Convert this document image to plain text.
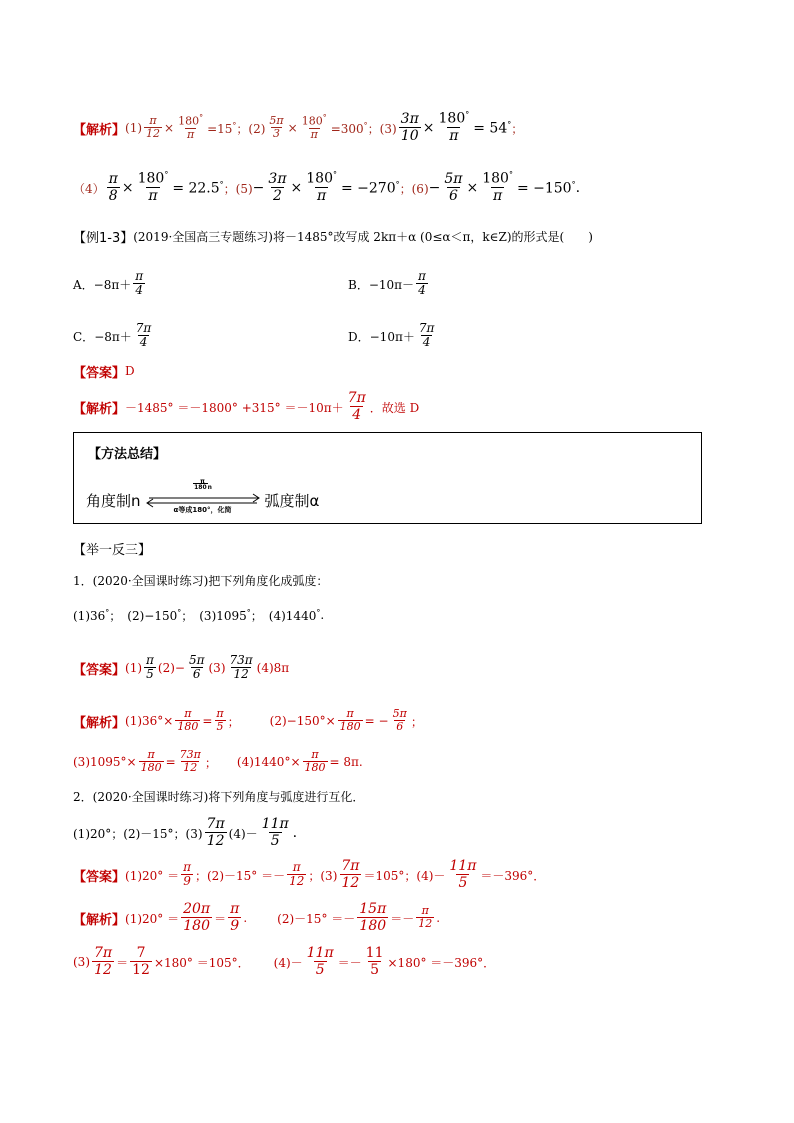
【解析】 $(1) \frac{\pi}{12} \times \frac{180^\circ}{\pi} =15^\circ$ ；$(2) \frac{5\pi}{3} \times \frac{180^\circ}{\pi} =300^\circ$ ；$(3) \frac{3\pi}{10} \times \frac{180^\circ}{\pi} = 54^\circ$ ；
$(4) \frac{\pi}{8} \times \frac{180^\circ}{\pi} = 22.5^\circ$ ；$(5) - \frac{3\pi}{2} \times \frac{180^\circ}{\pi} = -270^\circ$ ；$(6) - \frac{5\pi}{6} \times \frac{180^\circ}{\pi} = -150^\circ$ .
【例1-3】 (2019·全国高三专题练习)将－1485°改写成 2kπ＋α (0≤α＜π，k∈Z)的形式是(　　)
A． $-8\pi+ \frac{\pi}{4}$	B． $-10\pi- \frac{\pi}{4}$
C． $-8\pi+ \frac{7\pi}{4}$	D． $-10\pi+ \frac{7\pi}{4}$
【答案】 D
【解析】 $-1485^\circ =-1800^\circ +315^\circ =-10\pi+ \frac{7\pi}{4}$ ．故选 D
【方法总结】
角度制n
π
180n
α等成180°，化简
弧度制α
【举一反三】
1．(2020·全国课时练习)把下列角度化成弧度：
(1)36° ；　(2)−150° ；　(3)1095° ；　(4)1440° .
【答案】 $(1) \frac{\pi}{5} (2)- \frac{5\pi}{6} (3) \frac{73\pi}{12} (4)8\pi$
【解析】 $(1)36^\circ\times \frac{\pi}{180} = \frac{\pi}{5}$ ；	$(2)-150^\circ\times \frac{\pi}{180}$ = − $\frac{5\pi}{6}$ ；
$(3)1095^\circ\times \frac{\pi}{180} = \frac{73\pi}{12}$ ； $(4)1440^\circ\times \frac{\pi}{180} = 8\pi$ .
2．(2020·全国课时练习)将下列角度与弧度进行互化．
(1)20°；(2)－15°；$(3) \frac{7\pi}{12} (4)- \frac{11\pi}{5}$ .
【答案】 $(1)20^\circ = \frac{\pi}{9}$ ；$(2)-15^\circ =- \frac{\pi}{12}$ ；$(3) \frac{7\pi}{12} =105^\circ$ ；$(4)- \frac{11\pi}{5} =-396^\circ$．
【解析】 $(1)20^\circ = \frac{20\pi}{180} = \frac{\pi}{9}$ .	$(2)-15^\circ =- \frac{15\pi}{180} =- \frac{\pi}{12}$ .
$(3) \frac{7\pi}{12} = \frac{7}{12} \times 180^\circ =105^\circ$． $(4)- \frac{11\pi}{5} =- \frac{11}{5} \times 180^\circ =-396^\circ$．
